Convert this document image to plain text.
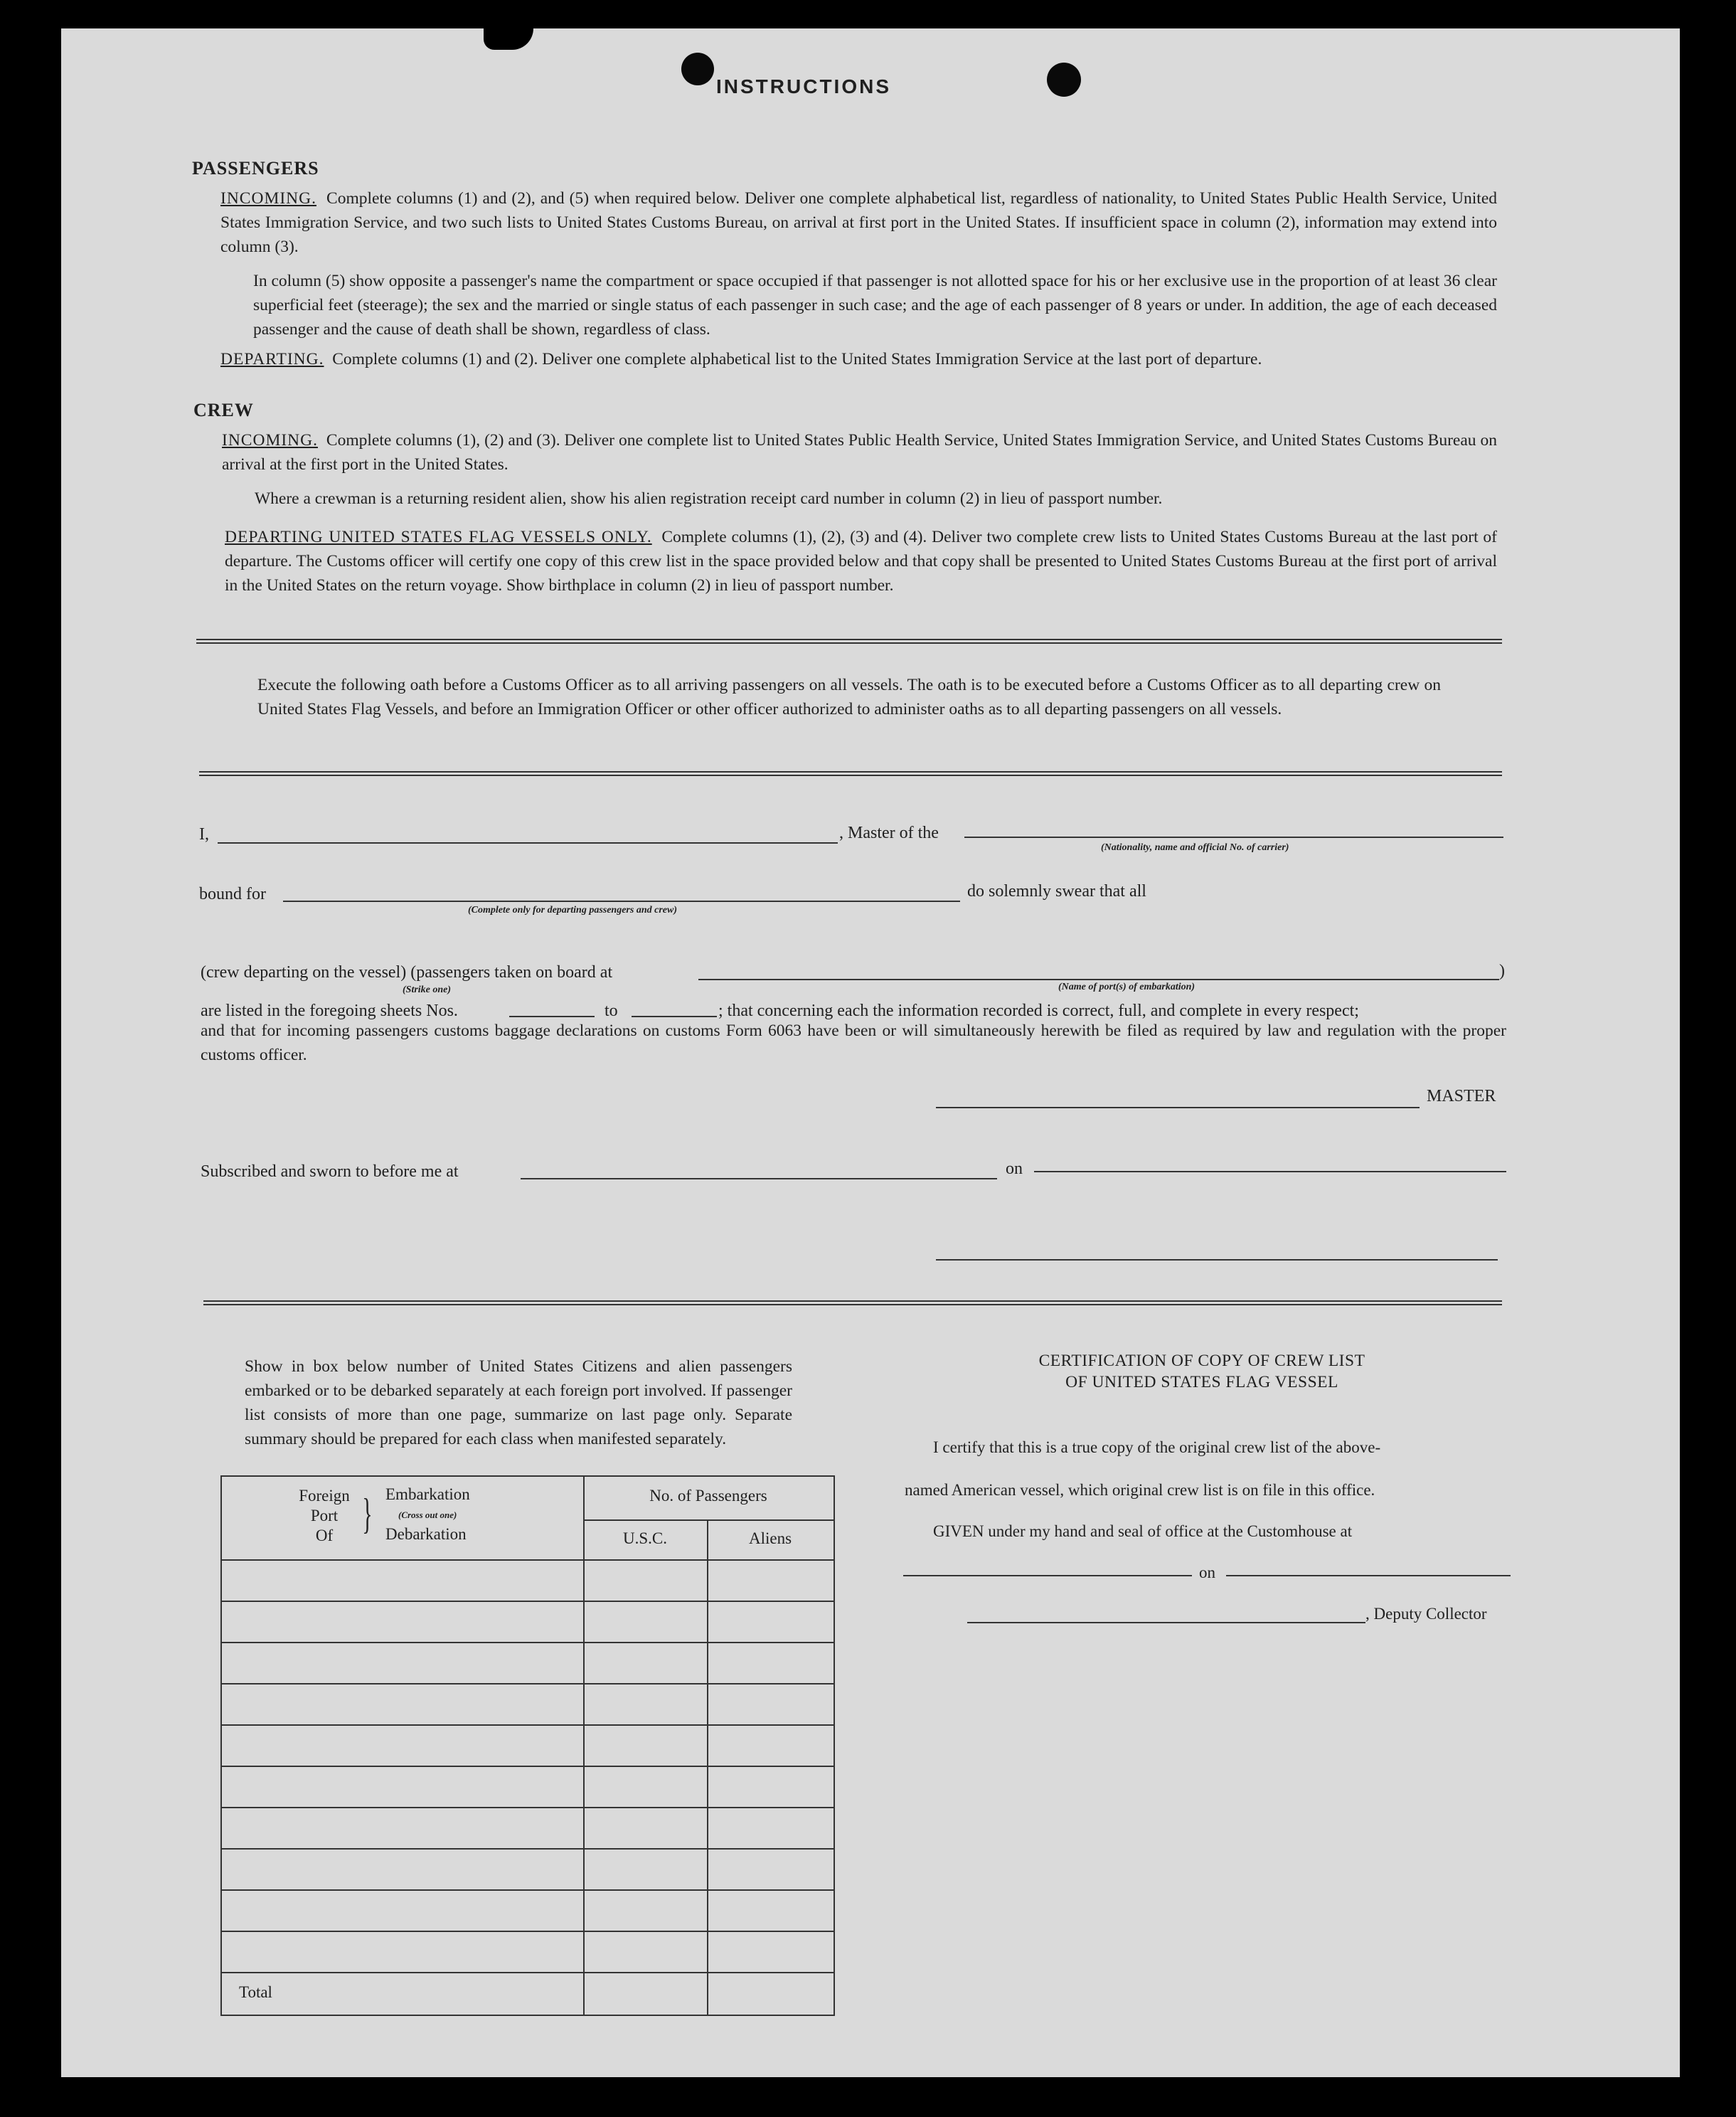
INSTRUCTIONS
PASSENGERS

INCOMING. Complete columns (1) and (2), and (5) when required below. Deliver one complete alphabetical list, regardless of nationality, to United States Public Health Service, United States Immigration Service, and two such lists to United States Customs Bureau, on arrival at first port in the United States. If insufficient space in column (2), information may extend into column (3).

In column (5) show opposite a passenger's name the compartment or space occupied if that passenger is not allotted space for his or her exclusive use in the proportion of at least 36 clear superficial feet (steerage); the sex and the married or single status of each passenger in such case; and the age of each passenger of 8 years or under. In addition, the age of each deceased passenger and the cause of death shall be shown, regardless of class.

DEPARTING. Complete columns (1) and (2). Deliver one complete alphabetical list to the United States Immigration Service at the last port of departure.

CREW

INCOMING. Complete columns (1), (2) and (3). Deliver one complete list to United States Public Health Service, United States Immigration Service, and United States Customs Bureau on arrival at the first port in the United States.

Where a crewman is a returning resident alien, show his alien registration receipt card number in column (2) in lieu of passport number.

DEPARTING UNITED STATES FLAG VESSELS ONLY. Complete columns (1), (2), (3) and (4). Deliver two complete crew lists to United States Customs Bureau at the last port of departure. The Customs officer will certify one copy of this crew list in the space provided below and that copy shall be presented to United States Customs Bureau at the first port of arrival in the United States on the return voyage. Show birthplace in column (2) in lieu of passport number.

Execute the following oath before a Customs Officer as to all arriving passengers on all vessels. The oath is to be executed before a Customs Officer as to all departing crew on United States Flag Vessels, and before an Immigration Officer or other officer authorized to administer oaths as to all departing passengers on all vessels.

I,	, Master of the
(Nationality, name and official No. of carrier)
bound for
(Complete only for departing passengers and crew)
do solemnly swear that all
(crew departing on the vessel) (passengers taken on board at	)
(Strike one)	(Name of port(s) of embarkation)
are listed in the foregoing sheets Nos.	to	; that concerning each the information recorded is correct, full, and complete in every respect;

and that for incoming passengers customs baggage declarations on customs Form 6063 have been or will simultaneously herewith be filed as required by law and regulation with the proper customs officer.

MASTER
Subscribed and sworn to before me at	on

Show in box below number of United States Citizens and alien passengers embarked or to be debarked separately at each foreign port involved. If passenger list consists of more than one page, summarize on last page only. Separate summary should be prepared for each class when manifested separately.

Foreign
Port
Of } Embarkation
(Cross out one)
Debarkation
No. of Passengers
U.S.C.	Aliens
Total
CERTIFICATION OF COPY OF CREW LIST
OF UNITED STATES FLAG VESSEL
I certify that this is a true copy of the original crew list of the above-
named American vessel, which original crew list is on file in this office.
GIVEN under my hand and seal of office at the Customhouse at
on
, Deputy Collector
